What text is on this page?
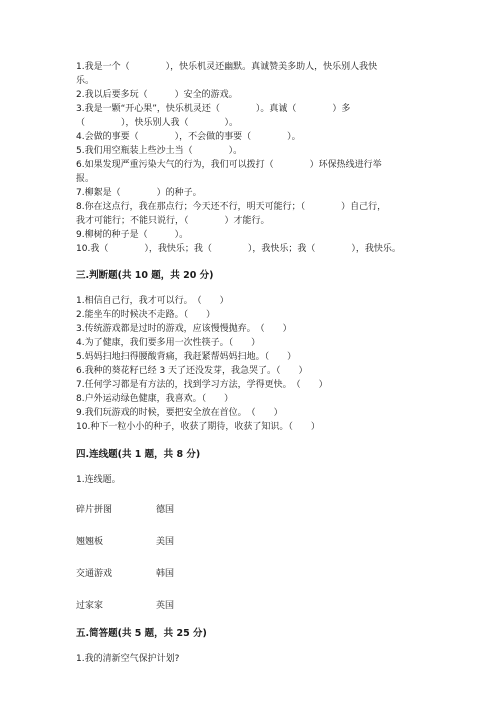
1.我是一个（　　　　），快乐机灵还幽默。真诚赞美多助人，快乐别人我快
乐。
2.我以后要多玩（　　　）安全的游戏。
3.我是一颗“开心果”，快乐机灵还（　　　　）。真诚（　　　　）多
（　　　　），快乐别人我（　　　　）。
4.会做的事要（　　　　），不会做的事要（　　　　）。
5.我们用空瓶装上些沙土当（　　　　）。
6.如果发现严重污染大气的行为，我们可以拨打（　　　　）环保热线进行举
报。
7.柳絮是（　　　　）的种子。
8.你在这点行，我在那点行；今天还不行，明天可能行；（　　　　）自己行，
我才可能行；不能只说行，（　　　　）才能行。
9.柳树的种子是（　　　）。
10.我（　　　　），我快乐；我（　　　　），我快乐；我（　　　　），我快乐。
三.判断题(共 10 题，共 20 分)
1.相信自己行，我才可以行。　（　　）
2.能坐车的时候决不走路。（　　）
3.传统游戏都是过时的游戏，应该慢慢抛弃。　（　　）
4.为了健康，我们要多用一次性筷子。（　　）
5.妈妈扫地扫得腰酸背痛，我赶紧帮妈妈扫地。（　　）
6.我种的葵花籽已经 3 天了还没发芽，我急哭了。（　　）
7.任何学习都是有方法的，找到学习方法，学得更快。　（　　）
8.户外运动绿色健康，我喜欢。（　　）
9.我们玩游戏的时候，要把安全放在首位。　（　　）
10.种下一粒小小的种子，收获了期待，收获了知识。（　　）
四.连线题(共 1 题，共 8 分)
1.连线题。
碎片拼图	德国
翘翘板	美国
交通游戏	韩国
过家家	英国
五.简答题(共 5 题，共 25 分)
1.我的清新空气保护计划?
